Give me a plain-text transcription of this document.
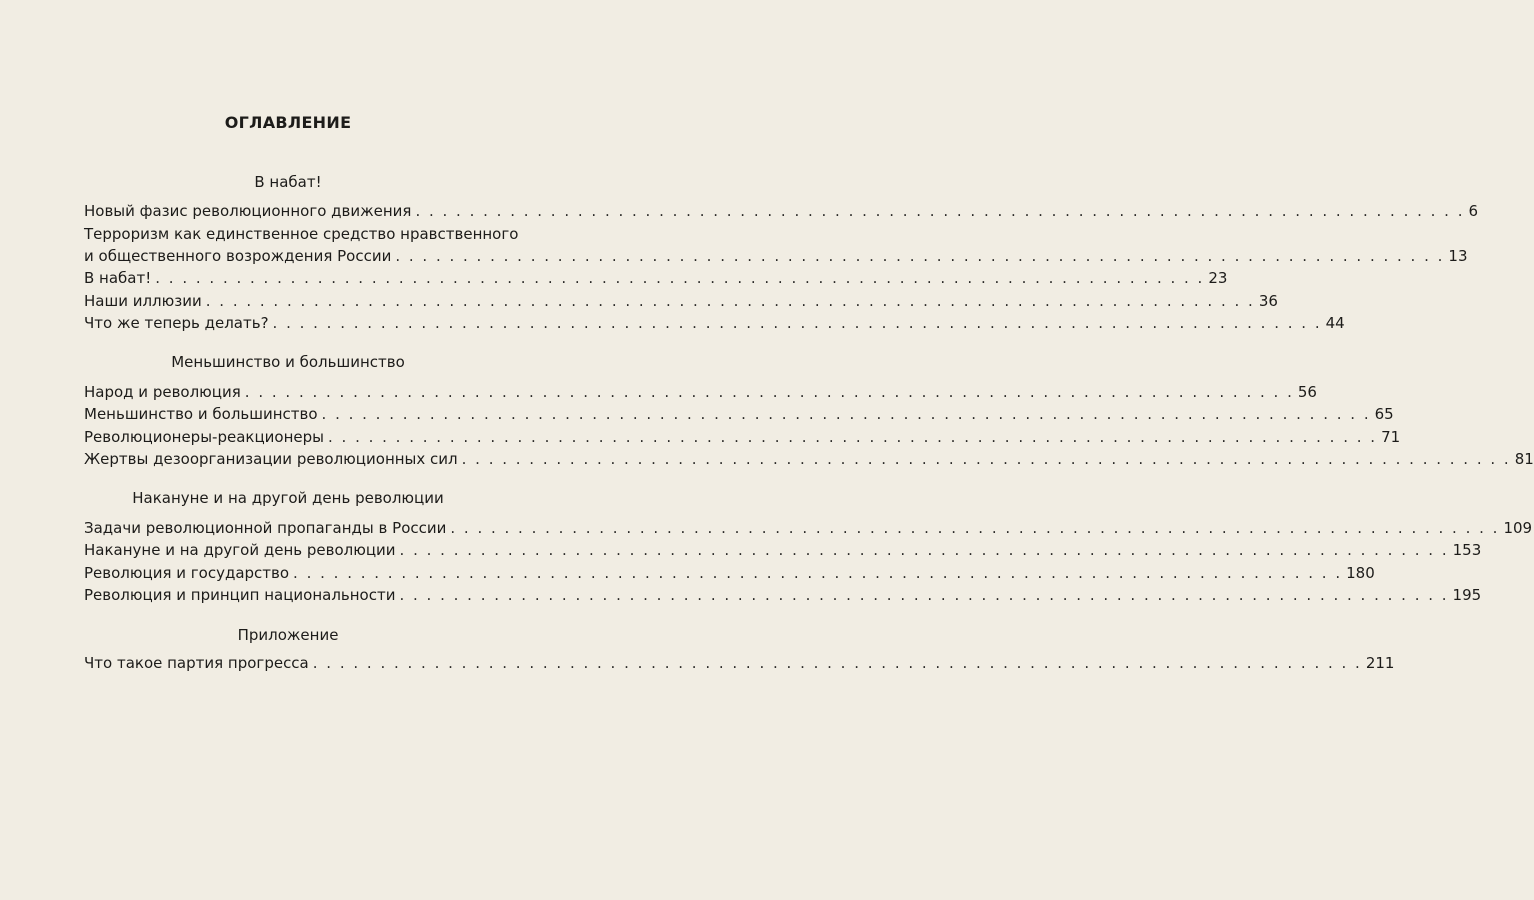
ОГЛАВЛЕНИЕ
В набат!
Новый фазис революционного движения . . . . . . . . . . . . . . . . . . . . . . . . . . . . . . . . . . . . . . . . . . . . . . . . . . . . . . . . . . . . . . . . . . . . . . . . . . . . . . 6
Терроризм как единственное средство нравственного
и общественного возрождения России . . . . . . . . . . . . . . . . . . . . . . . . . . . . . . . . . . . . . . . . . . . . . . . . . . . . . . . . . . . . . . . . . . . . . . . . . . . . . . 13
В набат! . . . . . . . . . . . . . . . . . . . . . . . . . . . . . . . . . . . . . . . . . . . . . . . . . . . . . . . . . . . . . . . . . . . . . . . . . . . . . . 23
Наши иллюзии . . . . . . . . . . . . . . . . . . . . . . . . . . . . . . . . . . . . . . . . . . . . . . . . . . . . . . . . . . . . . . . . . . . . . . . . . . . . . . 36
Что же теперь делать? . . . . . . . . . . . . . . . . . . . . . . . . . . . . . . . . . . . . . . . . . . . . . . . . . . . . . . . . . . . . . . . . . . . . . . . . . . . . . . 44
Меньшинство и большинство
Народ и революция . . . . . . . . . . . . . . . . . . . . . . . . . . . . . . . . . . . . . . . . . . . . . . . . . . . . . . . . . . . . . . . . . . . . . . . . . . . . . . 56
Меньшинство и большинство . . . . . . . . . . . . . . . . . . . . . . . . . . . . . . . . . . . . . . . . . . . . . . . . . . . . . . . . . . . . . . . . . . . . . . . . . . . . . . 65
Революционеры-реакционеры . . . . . . . . . . . . . . . . . . . . . . . . . . . . . . . . . . . . . . . . . . . . . . . . . . . . . . . . . . . . . . . . . . . . . . . . . . . . . . 71
Жертвы дезоорганизации революционных сил . . . . . . . . . . . . . . . . . . . . . . . . . . . . . . . . . . . . . . . . . . . . . . . . . . . . . . . . . . . . . . . . . . . . . . . . . . . . . . 81
Накануне и на другой день революции
Задачи революционной пропаганды в России . . . . . . . . . . . . . . . . . . . . . . . . . . . . . . . . . . . . . . . . . . . . . . . . . . . . . . . . . . . . . . . . . . . . . . . . . . . . . . 109
Накануне и на другой день революции . . . . . . . . . . . . . . . . . . . . . . . . . . . . . . . . . . . . . . . . . . . . . . . . . . . . . . . . . . . . . . . . . . . . . . . . . . . . . . 153
Революция и государство . . . . . . . . . . . . . . . . . . . . . . . . . . . . . . . . . . . . . . . . . . . . . . . . . . . . . . . . . . . . . . . . . . . . . . . . . . . . . . 180
Революция и принцип национальности . . . . . . . . . . . . . . . . . . . . . . . . . . . . . . . . . . . . . . . . . . . . . . . . . . . . . . . . . . . . . . . . . . . . . . . . . . . . . . 195
Приложение
Что такое партия прогресса . . . . . . . . . . . . . . . . . . . . . . . . . . . . . . . . . . . . . . . . . . . . . . . . . . . . . . . . . . . . . . . . . . . . . . . . . . . . . . 211
